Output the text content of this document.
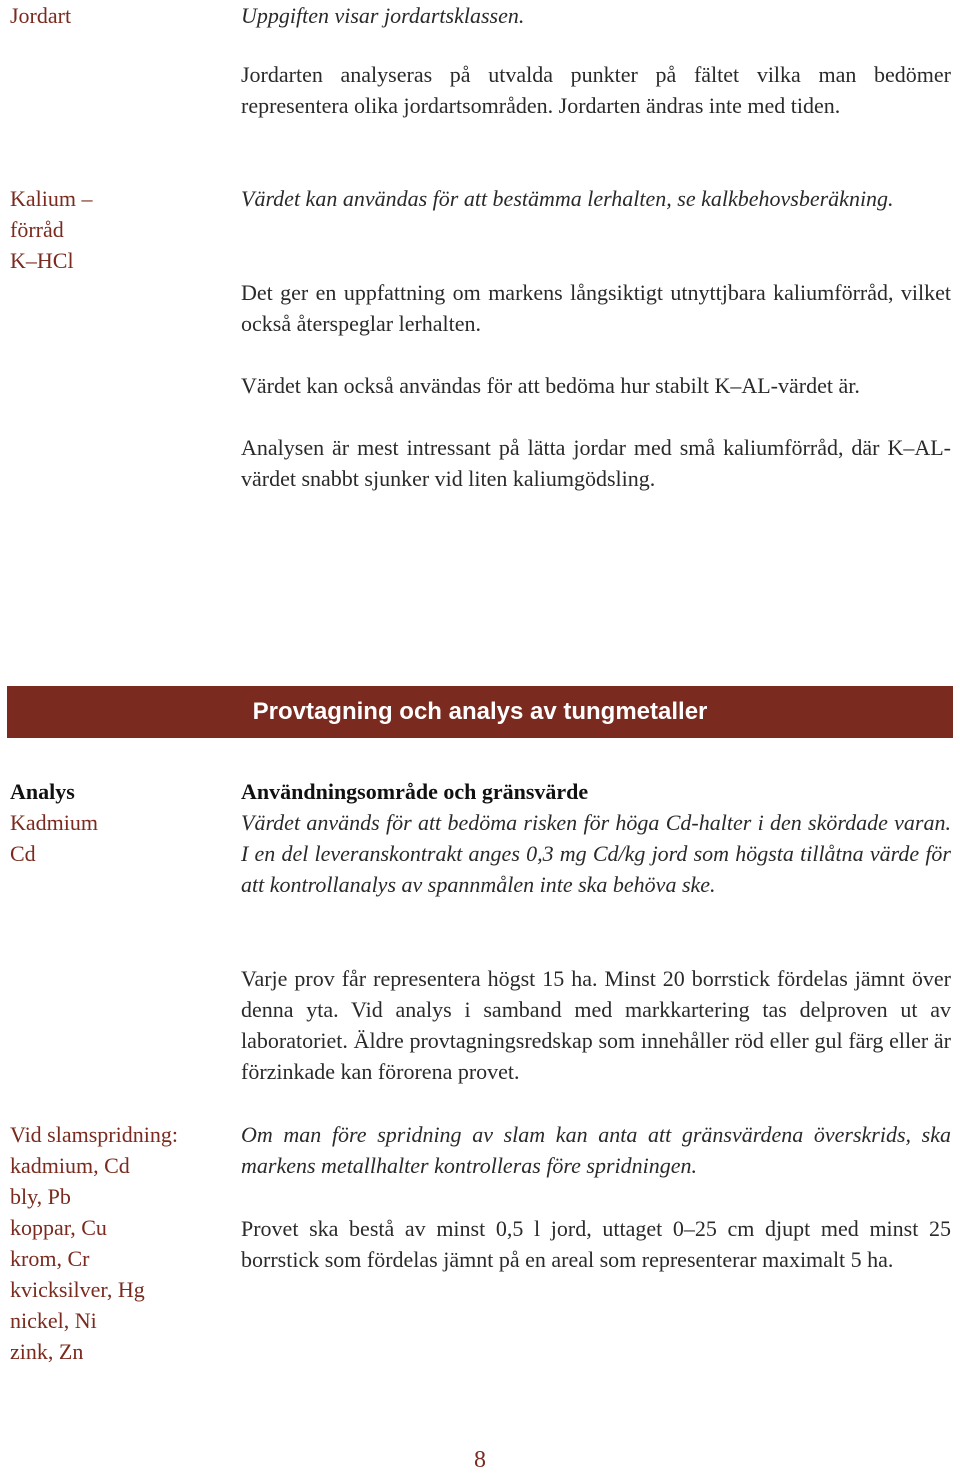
Jordart	Uppgiften visar jordartsklassen.
Jordarten analyseras på utvalda punkter på fältet vilka man bedömer representera olika jordartsområden. Jordarten ändras inte med tiden.
Kalium –
förråd
K–HCl
Värdet kan användas för att bestämma lerhalten, se kalkbehovsberäkning.
Det ger en uppfattning om markens långsiktigt utnyttjbara kaliumförråd, vilket också återspeglar lerhalten.
Värdet kan också användas för att bedöma hur stabilt K–AL-värdet är.
Analysen är mest intressant på lätta jordar med små kaliumförråd, där K–AL-värdet snabbt sjunker vid liten kaliumgödsling.
Provtagning och analys av tungmetaller
Analys	Användningsområde och gränsvärde
Kadmium
Cd
Värdet används för att bedöma risken för höga Cd-halter i den skördade varan. I en del leveranskontrakt anges 0,3 mg Cd/kg jord som högsta tillåtna värde för att kontrollanalys av spannmålen inte ska behöva ske.
Varje prov får representera högst 15 ha. Minst 20 borrstick fördelas jämnt över denna yta. Vid analys i samband med markkartering tas delproven ut av laboratoriet. Äldre provtagningsredskap som innehåller röd eller gul färg eller är förzinkade kan förorena provet.
Vid slamspridning:
kadmium, Cd
bly, Pb
koppar, Cu
krom, Cr
kvicksilver, Hg
nickel, Ni
zink, Zn
Om man före spridning av slam kan anta att gränsvärdena överskrids, ska markens metallhalter kontrolleras före spridningen.
Provet ska bestå av minst 0,5 l jord, uttaget 0–25 cm djupt med minst 25 borrstick som fördelas jämnt på en areal som representerar maximalt 5 ha.
8
